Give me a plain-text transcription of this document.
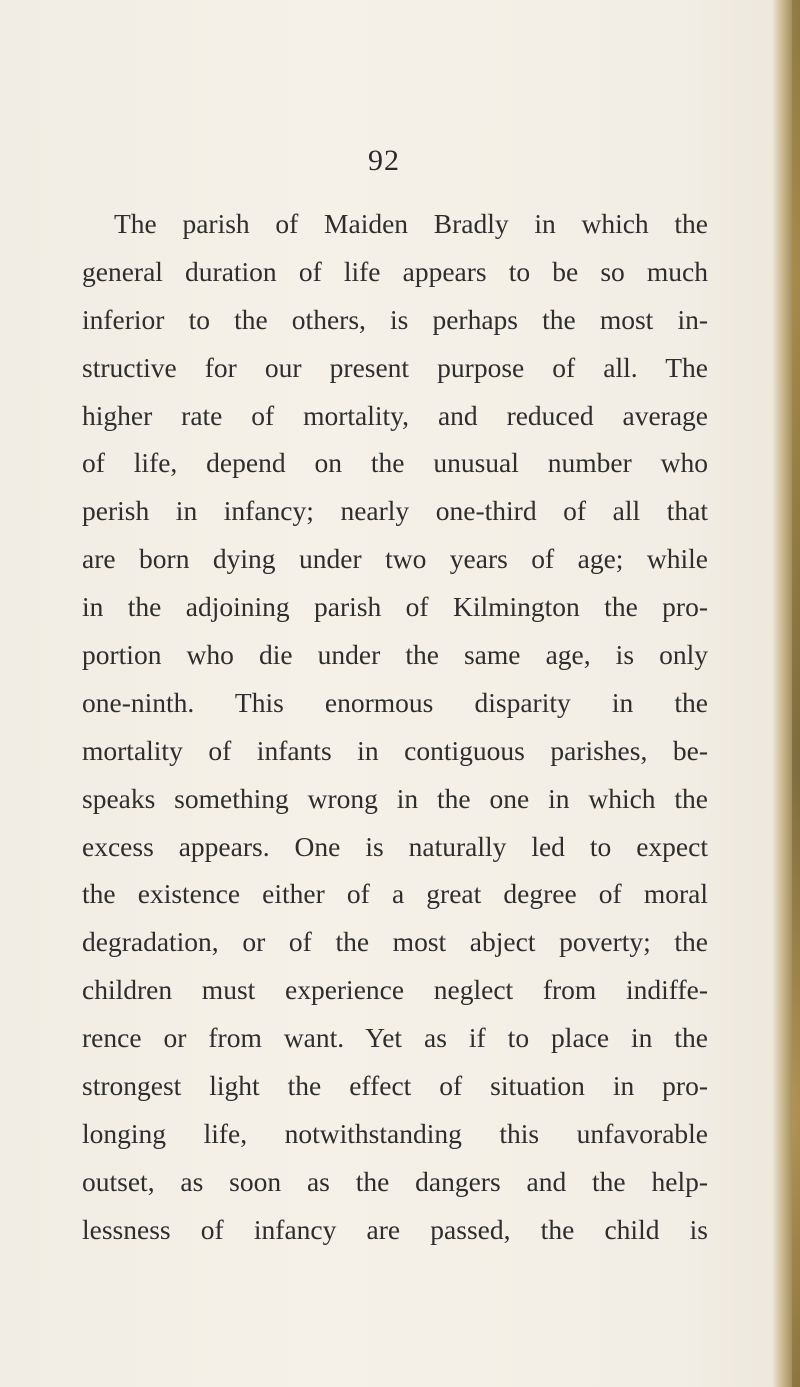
92
The parish of Maiden Bradly in which the
general duration of life appears to be so much
inferior to the others, is perhaps the most in-
structive for our present purpose of all. The
higher rate of mortality, and reduced average
of life, depend on the unusual number who
perish in infancy; nearly one-third of all that
are born dying under two years of age; while
in the adjoining parish of Kilmington the pro-
portion who die under the same age, is only
one-ninth. This enormous disparity in the
mortality of infants in contiguous parishes, be-
speaks something wrong in the one in which the
excess appears. One is naturally led to expect
the existence either of a great degree of moral
degradation, or of the most abject poverty; the
children must experience neglect from indiffe-
rence or from want. Yet as if to place in the
strongest light the effect of situation in pro-
longing life, notwithstanding this unfavorable
outset, as soon as the dangers and the help-
lessness of infancy are passed, the child is
